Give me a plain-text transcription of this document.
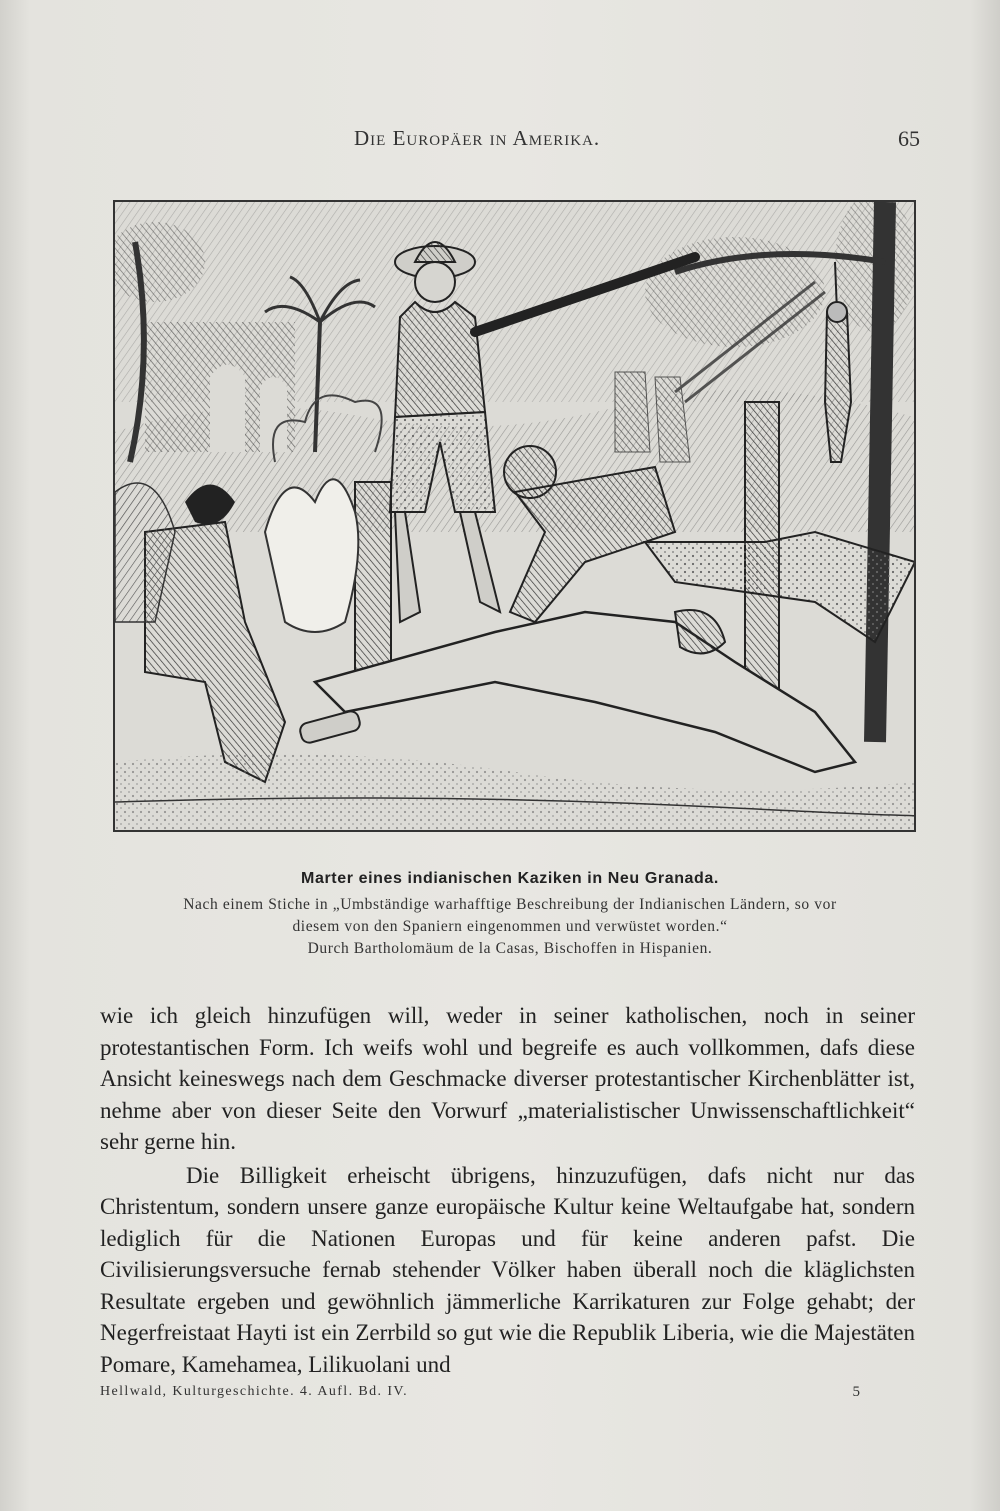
Die Europäer in Amerika.	65
Marter eines indianischen Kaziken in Neu Granada.
Nach einem Stiche in „Umbständige warhafftige Beschreibung der Indianischen Ländern, so vor
diesem von den Spaniern eingenommen und verwüstet worden.“
Durch Bartholomäum de la Casas, Bischoffen in Hispanien.

wie ich gleich hinzufügen will, weder in seiner katholischen, noch in seiner protestantischen Form. Ich weifs wohl und begreife es auch vollkommen, dafs diese Ansicht keineswegs nach dem Geschmacke diverser protestantischer Kirchenblätter ist, nehme aber von dieser Seite den Vorwurf „materialistischer Unwissenschaftlichkeit“ sehr gerne hin.

Die Billigkeit erheischt übrigens, hinzuzufügen, dafs nicht nur das Christentum, sondern unsere ganze europäische Kultur keine Weltaufgabe hat, sondern lediglich für die Nationen Europas und für keine anderen pafst. Die Civilisierungsversuche fernab stehender Völker haben überall noch die kläglichsten Resultate ergeben und gewöhnlich jämmerliche Karrikaturen zur Folge gehabt; der Negerfreistaat Hayti ist ein Zerrbild so gut wie die Republik Liberia, wie die Majestäten Pomare, Kamehamea, Lilikuolani und

Hellwald, Kulturgeschichte. 4. Aufl. Bd. IV.	5
